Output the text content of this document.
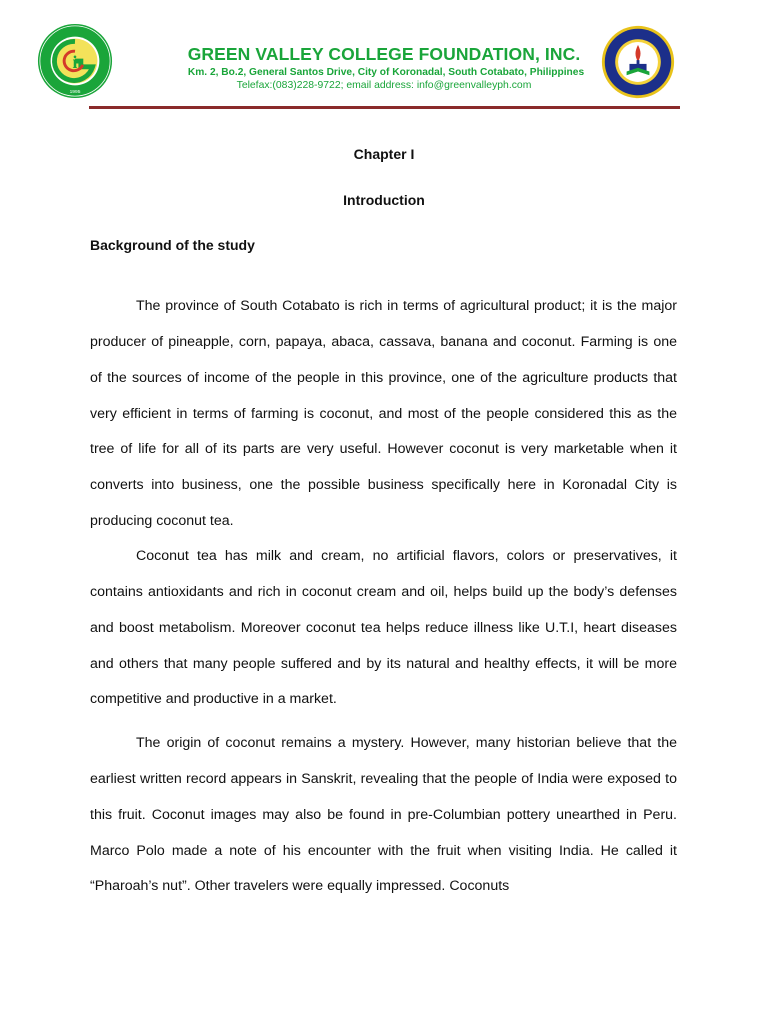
i
1995
GREEN VALLEY COLLEGE FOUNDATION, INC.
Km. 2, Bo.2, General Santos Drive, City of Koronadal, South Cotabato, Philippines
Telefax:(083)228-9722; email address: info@greenvalleyph.com
Chapter I
Introduction
Background of the study

The province of South Cotabato is rich in terms of agricultural product; it is the major producer of pineapple, corn, papaya, abaca, cassava, banana and coconut. Farming is one of the sources of income of the people in this province, one of the agriculture products that very efficient in terms of farming is coconut, and most of the people considered this as the tree of life for all of its parts are very useful. However coconut is very marketable when it converts into business, one the possible business specifically here in Koronadal City is producing coconut tea.

Coconut tea has milk and cream, no artificial flavors, colors or preservatives, it contains antioxidants and rich in coconut cream and oil, helps build up the body’s defenses and boost metabolism. Moreover coconut tea helps reduce illness like U.T.I, heart diseases and others that many people suffered and by its natural and healthy effects, it will be more competitive and productive in a market.

The origin of coconut remains a mystery. However, many historian believe that the earliest written record appears in Sanskrit, revealing that the people of India were exposed to this fruit. Coconut images may also be found in pre-Columbian pottery unearthed in Peru. Marco Polo made a note of his encounter with the fruit when visiting India. He called it “Pharoah’s nut”. Other travelers were equally impressed. Coconuts
